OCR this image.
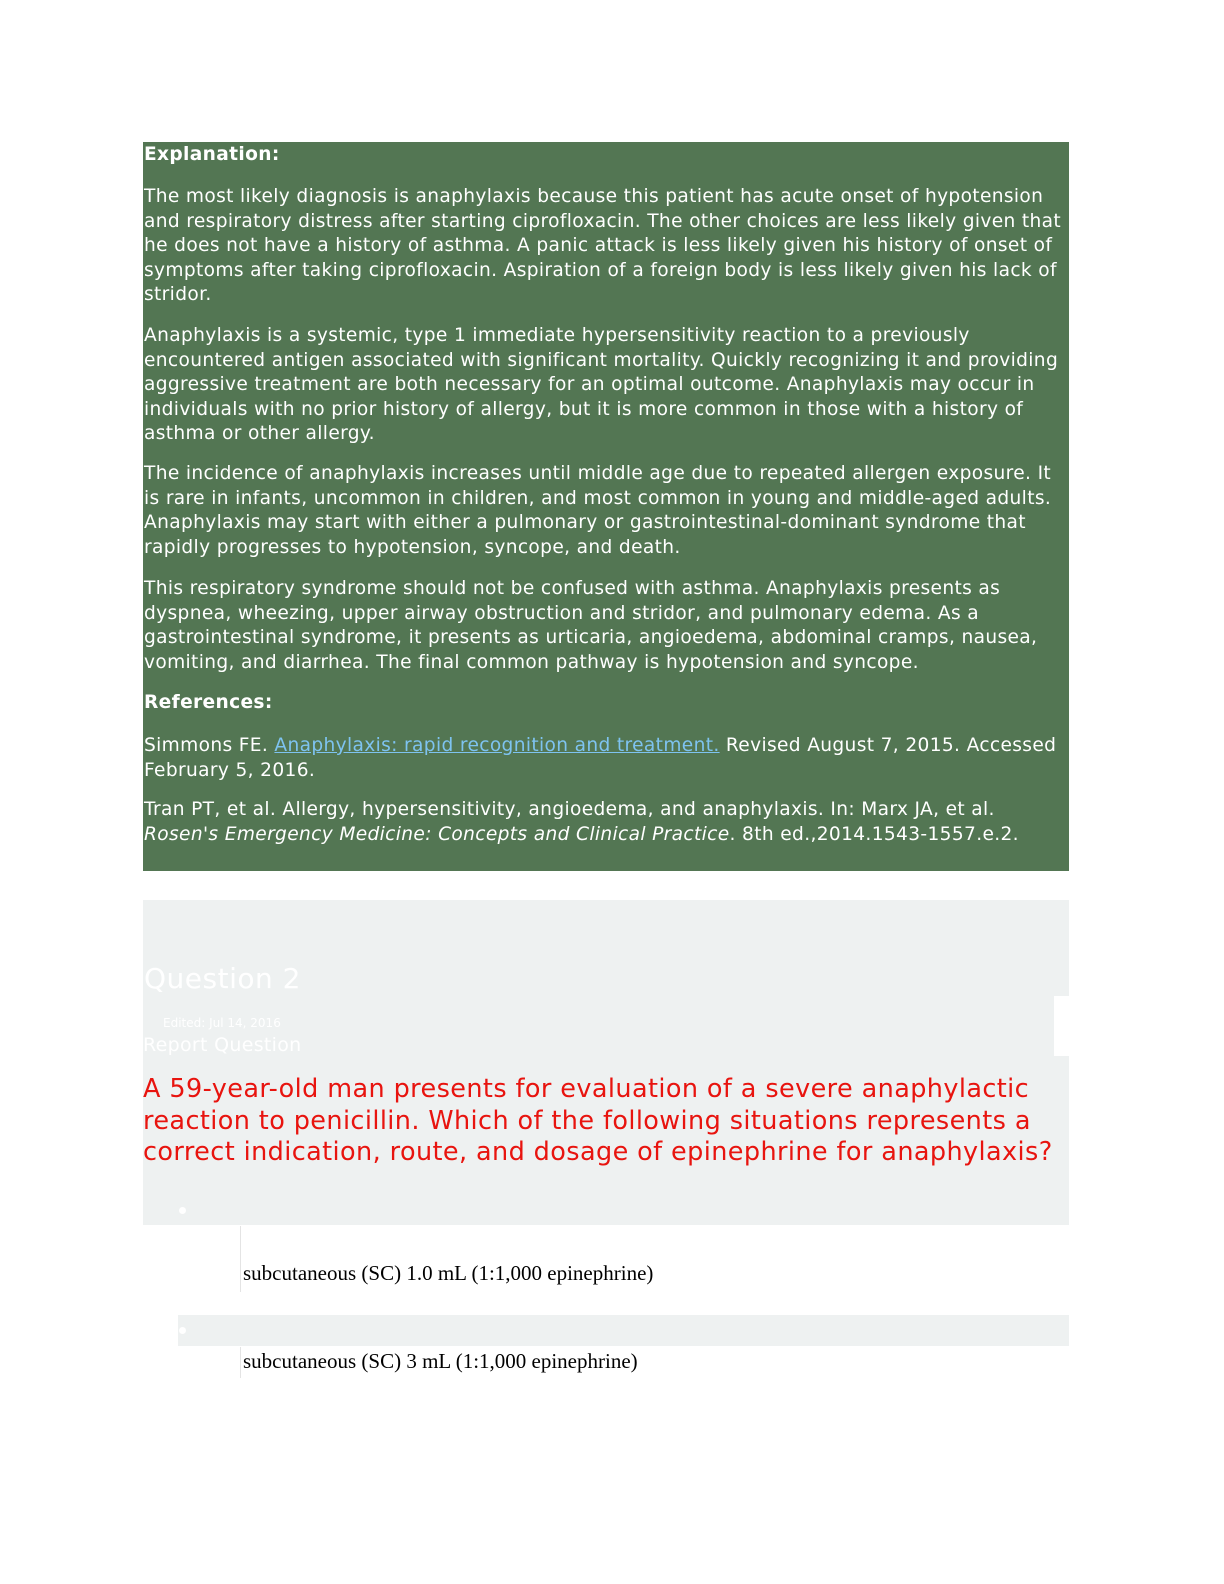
Explanation:

The most likely diagnosis is anaphylaxis because this patient has acute onset of hypotension and respiratory distress after starting ciprofloxacin. The other choices are less likely given that he does not have a history of asthma. A panic attack is less likely given his history of onset of symptoms after taking ciprofloxacin. Aspiration of a foreign body is less likely given his lack of stridor.

Anaphylaxis is a systemic, type 1 immediate hypersensitivity reaction to a previously encountered antigen associated with significant mortality. Quickly recognizing it and providing aggressive treatment are both necessary for an optimal outcome. Anaphylaxis may occur in individuals with no prior history of allergy, but it is more common in those with a history of asthma or other allergy.

The incidence of anaphylaxis increases until middle age due to repeated allergen exposure. It is rare in infants, uncommon in children, and most common in young and middle-aged adults. Anaphylaxis may start with either a pulmonary or gastrointestinal-dominant syndrome that rapidly progresses to hypotension, syncope, and death.

This respiratory syndrome should not be confused with asthma. Anaphylaxis presents as dyspnea, wheezing, upper airway obstruction and stridor, and pulmonary edema. As a gastrointestinal syndrome, it presents as urticaria, angioedema, abdominal cramps, nausea, vomiting, and diarrhea. The final common pathway is hypotension and syncope.

References:

Simmons FE. Anaphylaxis: rapid recognition and treatment. Revised August 7, 2015. Accessed February 5, 2016.

Tran PT, et al. Allergy, hypersensitivity, angioedema, and anaphylaxis. In: Marx JA, et al. Rosen's Emergency Medicine: Concepts and Clinical Practice. 8th ed.,2014.1543-1557.e.2.

Question 2
Edited: Jul 14, 2016
Report Question
A 59-year-old man presents for evaluation of a severe anaphylactic reaction to penicillin. Which of the following situations represents a correct indication, route, and dosage of epinephrine for anaphylaxis?
subcutaneous (SC) 1.0 mL (1:1,000 epinephrine)
subcutaneous (SC) 3 mL (1:1,000 epinephrine)
